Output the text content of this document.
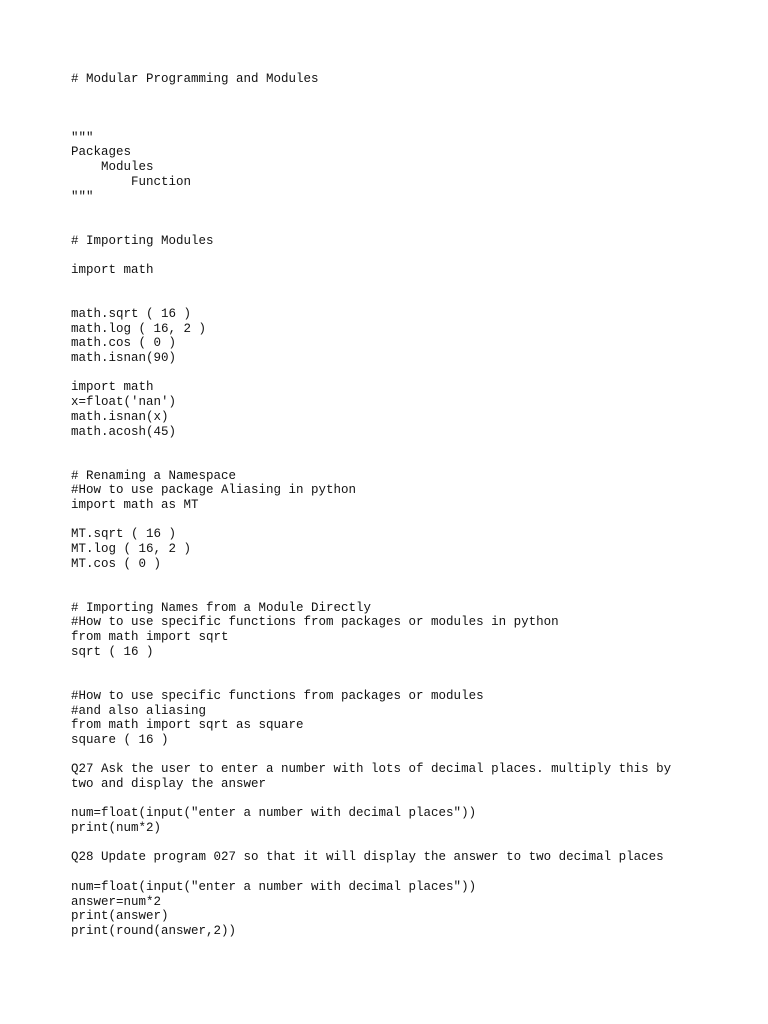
# Modular Programming and Modules
"""
Packages
Modules
Function
"""
# Importing Modules
import math
math.sqrt ( 16 )
math.log ( 16, 2 )
math.cos ( 0 )
math.isnan(90)
import math
x=float('nan')
math.isnan(x)
math.acosh(45)
# Renaming a Namespace
#How to use package Aliasing in python
import math as MT
MT.sqrt ( 16 )
MT.log ( 16, 2 )
MT.cos ( 0 )
# Importing Names from a Module Directly
#How to use specific functions from packages or modules in python
from math import sqrt
sqrt ( 16 )
#How to use specific functions from packages or modules
#and also aliasing
from math import sqrt as square
square ( 16 )
Q27 Ask the user to enter a number with lots of decimal places. multiply this by
two and display the answer
num=float(input("enter a number with decimal places"))
print(num*2)
Q28 Update program 027 so that it will display the answer to two decimal places
num=float(input("enter a number with decimal places"))
answer=num*2
print(answer)
print(round(answer,2))
